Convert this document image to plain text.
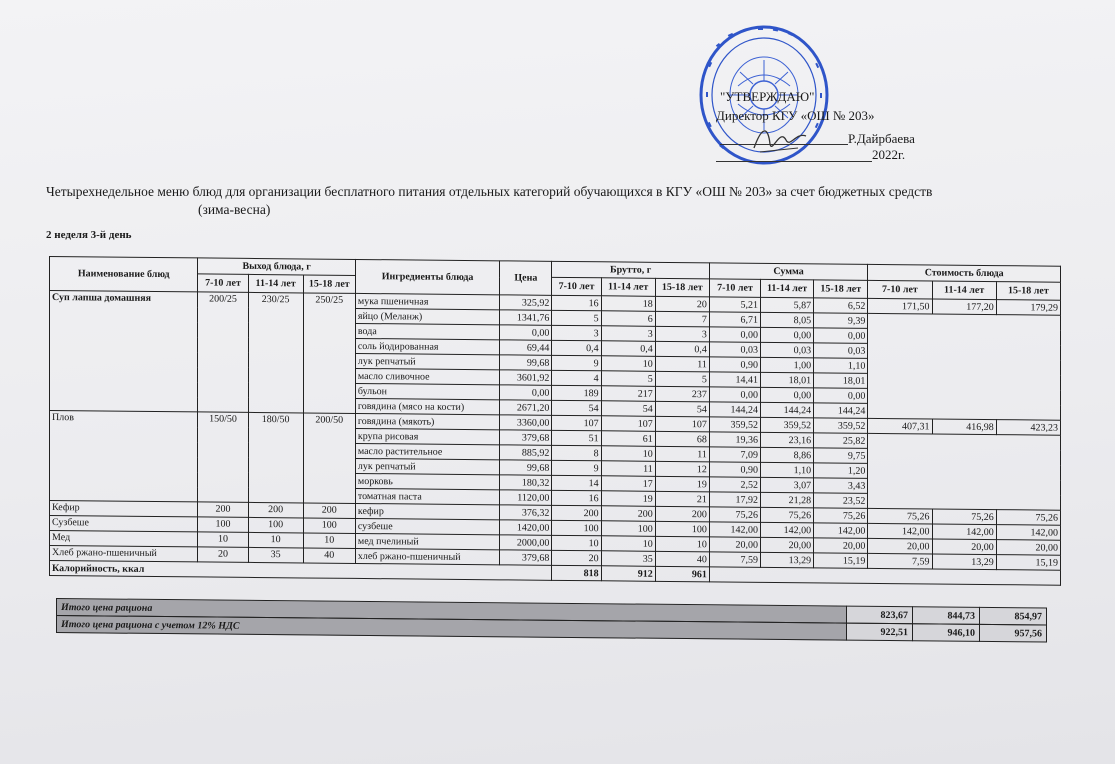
"УТВЕРЖДАЮ"
Директор КГУ «ОШ № 203»
Р.Дайрбаева
2022г.
Четырехнедельное меню блюд для организации бесплатного питания отдельных категорий обучающихся в КГУ «ОШ № 203» за счет бюджетных средств
(зима-весна)
2 неделя 3-й день
Наименование блюд	Выход блюда, г			Ингредиенты блюда	Цена	Брутто, г			Сумма			Стоимость блюда		
	7-10 лет	11-14 лет	15-18 лет			7-10 лет	11-14 лет	15-18 лет	7-10 лет	11-14 лет	15-18 лет	7-10 лет	11-14 лет	15-18 лет
Суп лапша домашняя	200/25	230/25	250/25	мука пшеничная	325,92	16	18	20	5,21	5,87	6,52	171,50	177,20	179,29
				яйцо (Меланж)	1341,76	5	6	7	6,71	8,05	9,39			
				вода	0,00	3	3	3	0,00	0,00	0,00			
				соль йодированная	69,44	0,4	0,4	0,4	0,03	0,03	0,03			
				лук репчатый	99,68	9	10	11	0,90	1,00	1,10			
				масло сливочное	3601,92	4	5	5	14,41	18,01	18,01			
				бульон	0,00	189	217	237	0,00	0,00	0,00			
				говядина (мясо на кости)	2671,20	54	54	54	144,24	144,24	144,24			
Плов	150/50	180/50	200/50	говядина (мякоть)	3360,00	107	107	107	359,52	359,52	359,52	407,31	416,98	423,23
				крупа рисовая	379,68	51	61	68	19,36	23,16	25,82			
				масло растительное	885,92	8	10	11	7,09	8,86	9,75			
				лук репчатый	99,68	9	11	12	0,90	1,10	1,20			
				морковь	180,32	14	17	19	2,52	3,07	3,43			
				томатная паста	1120,00	16	19	21	17,92	21,28	23,52			
Кефир	200	200	200	кефир	376,32	200	200	200	75,26	75,26	75,26	75,26	75,26	75,26
Сузбеше	100	100	100	сузбеше	1420,00	100	100	100	142,00	142,00	142,00	142,00	142,00	142,00
Мед	10	10	10	мед пчелиный	2000,00	10	10	10	20,00	20,00	20,00	20,00	20,00	20,00
Хлеб ржано-пшеничный	20	35	40	хлеб ржано-пшеничный	379,68	20	35	40	7,59	13,29	15,19	7,59	13,29	15,19
Калорийность, ккал						818	912	961						
Итого цена рациона	823,67	844,73	854,97

Итого цена рациона с учетом 12% НДС	922,51	946,10	957,56
